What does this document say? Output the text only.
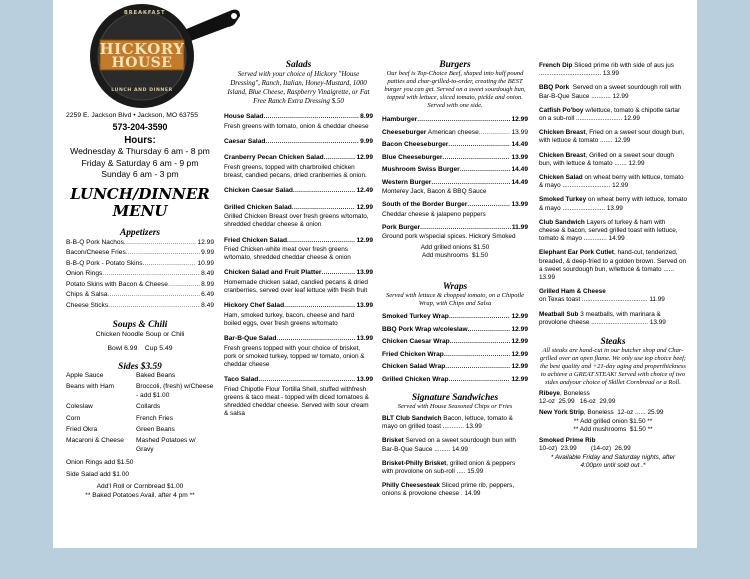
BREAKFAST
HICKORY
HOUSE
LUNCH AND DINNER
2259 E. Jackson Blvd • Jackson, MO 63755
573-204-3590
Hours:
Wednesday & Thursday 6 am - 8 pm
Friday & Saturday 6 am - 9 pm
Sunday 6 am - 3 pm
LUNCH/DINNER
MENU
Appetizers
B-B-Q Pork Nachos .....	12.99
Bacon/Cheese Fries .....	9.99
B-B-Q Pork - Potato Skins .....	10.99
Onion Rings .....	8.49
Potato Skins with Bacon & Cheese .....	8.99
Chips & Salsa .....	6.49
Cheese Sticks .....	8.49
Soups & Chili
Chicken Noodle Soup or Chili
Bowl 6.99    Cup 5.49
Sides $3.59
Apple Sauce	Baked Beans
Beans with Ham	Broccoli, (fresh) w/Cheese - add $1.00
Coleslaw	Collards
Corn	French Fries
Fried Okra	Green Beans
Macaroni & Cheese	Mashed Potatoes w/ Gravy
Onion Rings add $1.50
Side Salad add $1.00
Add'l Roll or Cornbread $1.00
** Baked Potatoes Avail. after 4 pm **
Salads
Served with your choice of Hickory "House Dressing", Ranch, Italian, Honey-Mustard, 1000 Island, Blue Cheese, Raspberry Vinaigrette, or Fat Free Ranch Extra Dressing $.50
House Salad .....	8.99
Fresh greens with tomato, onion & cheddar cheese
Caesar Salad .....	9.99
Cranberry Pecan Chicken Salad .....	12.99
Fresh greens, topped with charbroiled chicken breast, candied pecans, dried cranberries & onion.
Chicken Caesar Salad .....	12.49
Grilled Chicken Salad .....	12.99
Grilled Chicken Breast over fresh greens w/tomato, shredded cheddar cheese & onion
Fried Chicken Salad .....	12.99
Fried Chicken-white meat over fresh greens w/tomato, shredded cheddar cheese & onion
Chicken Salad and Fruit Platter .....	13.99
Homemade chicken salad, candied pecans & dried cranberries, served over leaf lettuce with fresh fruit
Hickory Chef Salad .....	13.99
Ham, smoked turkey, bacon, cheese and hard boiled eggs, over fresh greens w/tomato
Bar-B-Que Salad .....	13.99
Fresh greens topped with your choice of brisket, pork or smoked turkey, topped w/ tomato, onion & cheddar cheese
Taco Salad .....	13.99
Fried Chipotle Flour Tortilla Shell, stuffed withfresh greens & taco meat - topped with diced tomatoes & shredded cheddar cheese. Served with sour cream & salsa
Burgers
Our beef is Top-Choice Beef, shaped into half pound patties and char-grilled-to-order, creating the BEST burger you can get. Served on a sweet sourdough bun, topped with lettuce, sliced tomato, pickle and onion. Served with one side.
Hamburger .....	12.99
Cheeseburger American cheese .....	13.99
Bacon Cheeseburger .....	14.49
Blue Cheeseburger .....	13.99
Mushroom Swiss Burger .....	14.49
Western Burger .....	14.49
Monterey Jack, Bacon & BBQ Sauce
South of the Border Burger .....	13.99
Cheddar cheese & jalapeno peppers
Pork Burger .....	11.99
Ground pork w/special spices. Hickory Smoked
Add grilled onions $1.50
Add mushrooms  $1.50
Wraps
Served with lettuce & chopped tomato, on a Chipotle Wrap, with Chips and Salsa
Smoked Turkey Wrap .....	12.99
BBQ Pork Wrap w/coleslaw .....	12.99
Chicken Caesar Wrap .....	12.99
Fried Chicken Wrap .....	12.99
Chicken Salad Wrap .....	12.99
Grilled Chicken Wrap .....	12.99
Signature Sandwiches
Served with House Seasoned Chips or Fries
BLT Club Sandwich Bacon, lettuce, tomato & mayo on grilled toast ............ 13.99
Brisket Served on a sweet sourdough bun with Bar-B-Que Sauce ......... 14.99
Brisket-Philly Brisket, grilled onion & peppers with provolone on sub-roll ..... 15.99
Philly Cheesesteak Sliced prime rib, peppers, onions & provolone cheese . 14.99
French Dip Sliced prime rib with side of aus jus ................................... 13.99
BBQ Pork  Served on a sweet sourdough roll with Bar-B-Que Sauce ........... 12.99
Catfish Po'boy w/lettuce, tomato & chipotle tartar on a sub-roll .......................... 12.99
Chicken Breast, Fried on a sweet sour dough bun, with lettuce & tomato ....... 12.99
Chicken Breast, Grilled on a sweet sour dough bun, with lettuce & tomato ....... 12.99
Chicken Salad on wheat berry with lettuce, tomato & mayo ........................... 12.99
Smoked Turkey on wheat berry with lettuce, tomato & mayo ........................ 13.99
Club Sandwich Layers of turkey & ham with cheese & bacon, served grilled toast with lettuce, tomato & mayo ............. 14.99
Elephant Ear Pork Cutlet, hand-cut, tenderized, breaded, & deep-fried to a golden brown. Served on a sweet sourdough bun, w/lettuce & tomato ...... 13.99
Grilled Ham & Cheese
on Texas toast ..................................... 11.99
Meatball Sub 3 meatballs, with marinara & provolone cheese ................................ 13.99
Steaks
All steaks are hand-cut in our butcher shop and Char-grilled over an open flame. We only use top choice beef; the best quality and +21-day aging and properthickness to achieve a GREAT STEAK! Served with choice of two sides andyour choice of Skillet Cornbread or a Roll.
Ribeye, Boneless
12-oz  25.99   16-oz  29.99
New York Strip, Boneless  12-oz ...... 25.99
** Add grilled onion $1.50 **
** Add mushrooms  $1.50 **
Smoked Prime Rib
10-oz)  23.99        (14-oz)  26.99
* Available Friday and Saturday nights, after
4:00pm until sold out .*
